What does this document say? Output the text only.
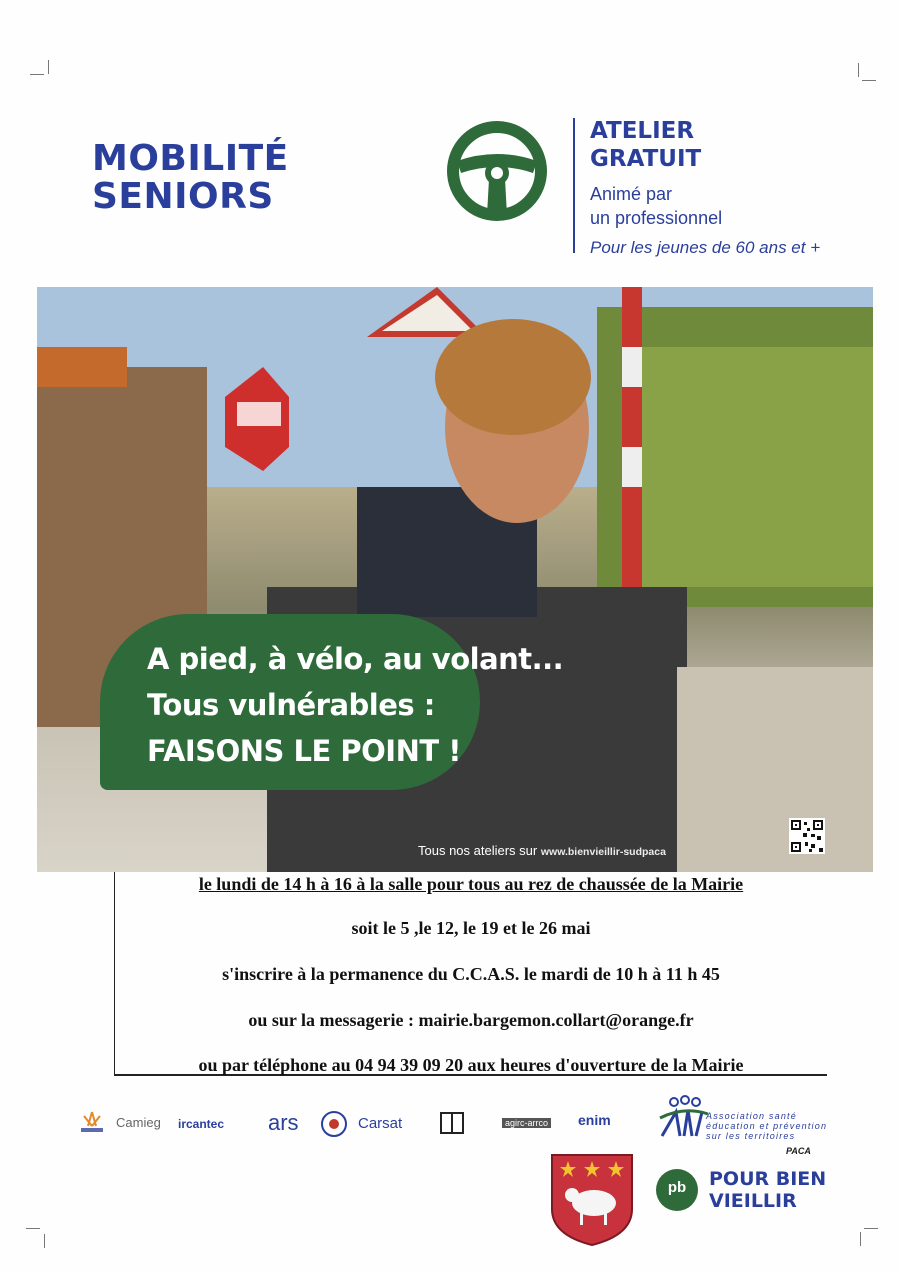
MOBILITÉ
SENIORS
ATELIER
GRATUIT
Animé par
un professionnel
Pour les jeunes de 60 ans et +
A pied, à vélo, au volant...
Tous vulnérables :
FAISONS LE POINT !
Tous nos ateliers sur www.bienvieillir-sudpaca
le lundi de 14 h à 16 à la salle pour tous au rez de chaussée de la Mairie
soit le 5 ,le 12, le 19 et le 26 mai
s'inscrire à la permanence du C.C.A.S. le mardi de 10 h à 11 h 45
ou sur la messagerie : mairie.bargemon.collart@orange.fr
ou par téléphone au 04 94 39 09 20 aux heures d'ouverture de la Mairie
Camieg ircantec ars	Carsat	agirc-arrco enim	Association santé
éducation et prévention
sur les territoires
PACA
pb	POUR BIEN
VIEILLIR
